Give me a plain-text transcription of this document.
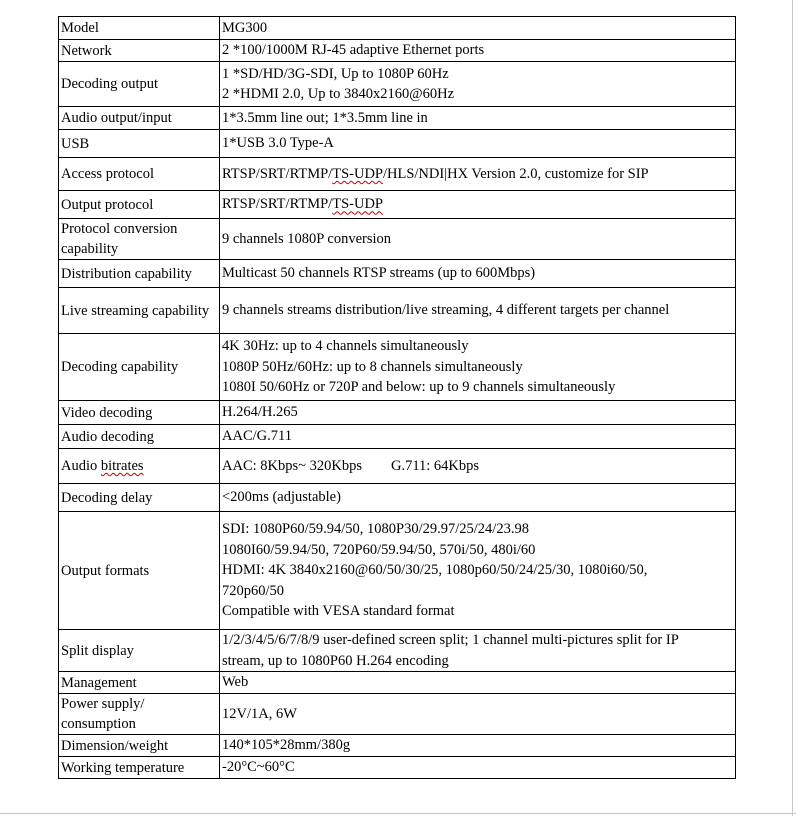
Model	MG300

Network	2 *100/1000M RJ-45 adaptive Ethernet ports

Decoding output	1 *SD/HD/3G-SDI, Up to 1080P 60Hz
2 *HDMI 2.0, Up to 3840x2160@60Hz

Audio output/input	1*3.5mm line out; 1*3.5mm line in

USB	1*USB 3.0 Type-A

Access protocol	RTSP/SRT/RTMP/TS-UDP/HLS/NDI|HX Version 2.0, customize for SIP

Output protocol	RTSP/SRT/RTMP/TS-UDP

Protocol conversion capability	9 channels 1080P conversion

Distribution capability	Multicast 50 channels RTSP streams (up to 600Mbps)

Live streaming capability	9 channels streams distribution/live streaming, 4 different targets per channel

Decoding capability	4K 30Hz: up to 4 channels simultaneously
1080P 50Hz/60Hz: up to 8 channels simultaneously
1080I 50/60Hz or 720P and below: up to 9 channels simultaneously

Video decoding	H.264/H.265

Audio decoding	AAC/G.711

Audio bitrates	AAC: 8Kbps~ 320Kbps        G.711: 64Kbps

Decoding delay	<200ms (adjustable)

Output formats	SDI: 1080P60/59.94/50, 1080P30/29.97/25/24/23.98
1080I60/59.94/50, 720P60/59.94/50, 570i/50, 480i/60
HDMI: 4K 3840x2160@60/50/30/25, 1080p60/50/24/25/30, 1080i60/50,
720p60/50
Compatible with VESA standard format

Split display	1/2/3/4/5/6/7/8/9 user-defined screen split; 1 channel multi-pictures split for IP
stream, up to 1080P60 H.264 encoding

Management	Web

Power supply/ consumption	12V/1A, 6W

Dimension/weight	140*105*28mm/380g

Working temperature	-20°C~60°C
